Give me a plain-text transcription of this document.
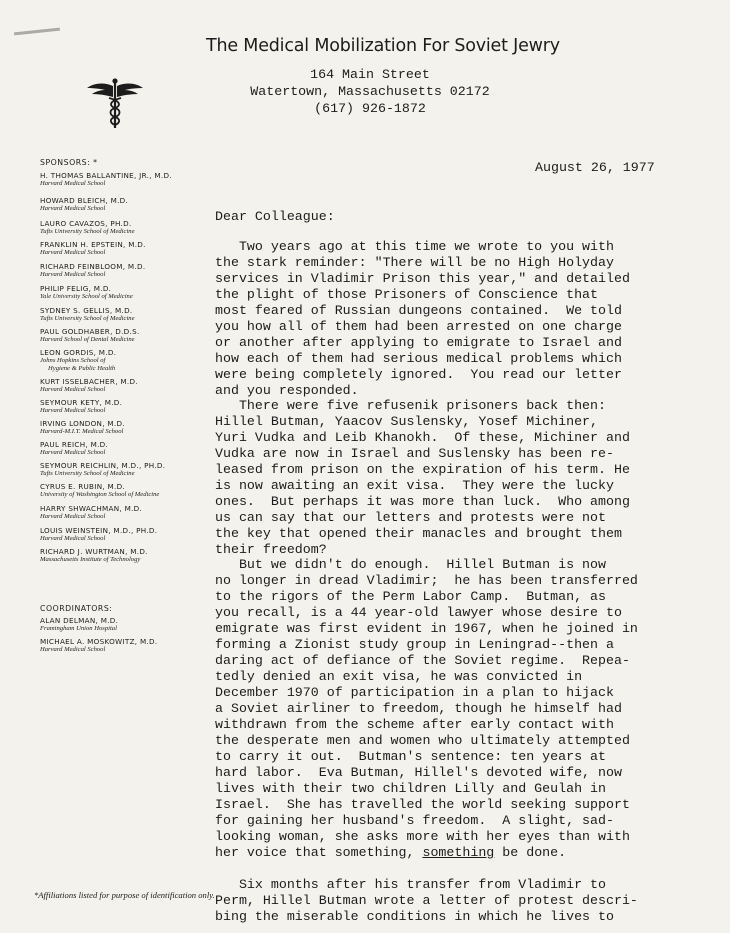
The Medical Mobilization For Soviet Jewry
164 Main Street
Watertown, Massachusetts 02172
(617) 926-1872
SPONSORS: *
H. THOMAS BALLANTINE, JR., M.D.
Harvard Medical School
HOWARD BLEICH, M.D.
Harvard Medical School
LAURO CAVAZOS, PH.D.
Tufts University School of Medicine
FRANKLIN H. EPSTEIN, M.D.
Harvard Medical School
RICHARD FEINBLOOM, M.D.
Harvard Medical School
PHILIP FELIG, M.D.
Yale University School of Medicine
SYDNEY S. GELLIS, M.D.
Tufts University School of Medicine
PAUL GOLDHABER, D.D.S.
Harvard School of Dental Medicine
LEON GORDIS, M.D.
Johns Hopkins School of
Hygiene & Public Health
KURT ISSELBACHER, M.D.
Harvard Medical School
SEYMOUR KETY, M.D.
Harvard Medical School
IRVING LONDON, M.D.
Harvard-M.I.T. Medical School
PAUL REICH, M.D.
Harvard Medical School
SEYMOUR REICHLIN, M.D., PH.D.
Tufts University School of Medicine
CYRUS E. RUBIN, M.D.
University of Washington School of Medicine
HARRY SHWACHMAN, M.D.
Harvard Medical School
LOUIS WEINSTEIN, M.D., PH.D.
Harvard Medical School
RICHARD J. WURTMAN, M.D.
Massachusetts Institute of Technology
COORDINATORS:
ALAN DELMAN, M.D.
Framingham Union Hospital
MICHAEL A. MOSKOWITZ, M.D.
Harvard Medical School
August 26, 1977
Dear Colleague:
Two years ago at this time we wrote to you with
the stark reminder: "There will be no High Holyday
services in Vladimir Prison this year," and detailed
the plight of those Prisoners of Conscience that
most feared of Russian dungeons contained.  We told
you how all of them had been arrested on one charge
or another after applying to emigrate to Israel and
how each of them had serious medical problems which
were being completely ignored.  You read our letter
and you responded.
There were five refusenik prisoners back then:
Hillel Butman, Yaacov Suslensky, Yosef Michiner,
Yuri Vudka and Leib Khanokh.  Of these, Michiner and
Vudka are now in Israel and Suslensky has been re-
leased from prison on the expiration of his term. He
is now awaiting an exit visa.  They were the lucky
ones.  But perhaps it was more than luck.  Who among
us can say that our letters and protests were not
the key that opened their manacles and brought them
their freedom?
But we didn't do enough.  Hillel Butman is now
no longer in dread Vladimir;  he has been transferred
to the rigors of the Perm Labor Camp.  Butman, as
you recall, is a 44 year-old lawyer whose desire to
emigrate was first evident in 1967, when he joined in
forming a Zionist study group in Leningrad--then a
daring act of defiance of the Soviet regime.  Repea-
tedly denied an exit visa, he was convicted in
December 1970 of participation in a plan to hijack
a Soviet airliner to freedom, though he himself had
withdrawn from the scheme after early contact with
the desperate men and women who ultimately attempted
to carry it out.  Butman's sentence: ten years at
hard labor.  Eva Butman, Hillel's devoted wife, now
lives with their two children Lilly and Geulah in
Israel.  She has travelled the world seeking support
for gaining her husband's freedom.  A slight, sad-
looking woman, she asks more with her eyes than with
her voice that something, something be done.
Six months after his transfer from Vladimir to
Perm, Hillel Butman wrote a letter of protest descri-
bing the miserable conditions in which he lives to
*Affiliations listed for purpose of identification only.
